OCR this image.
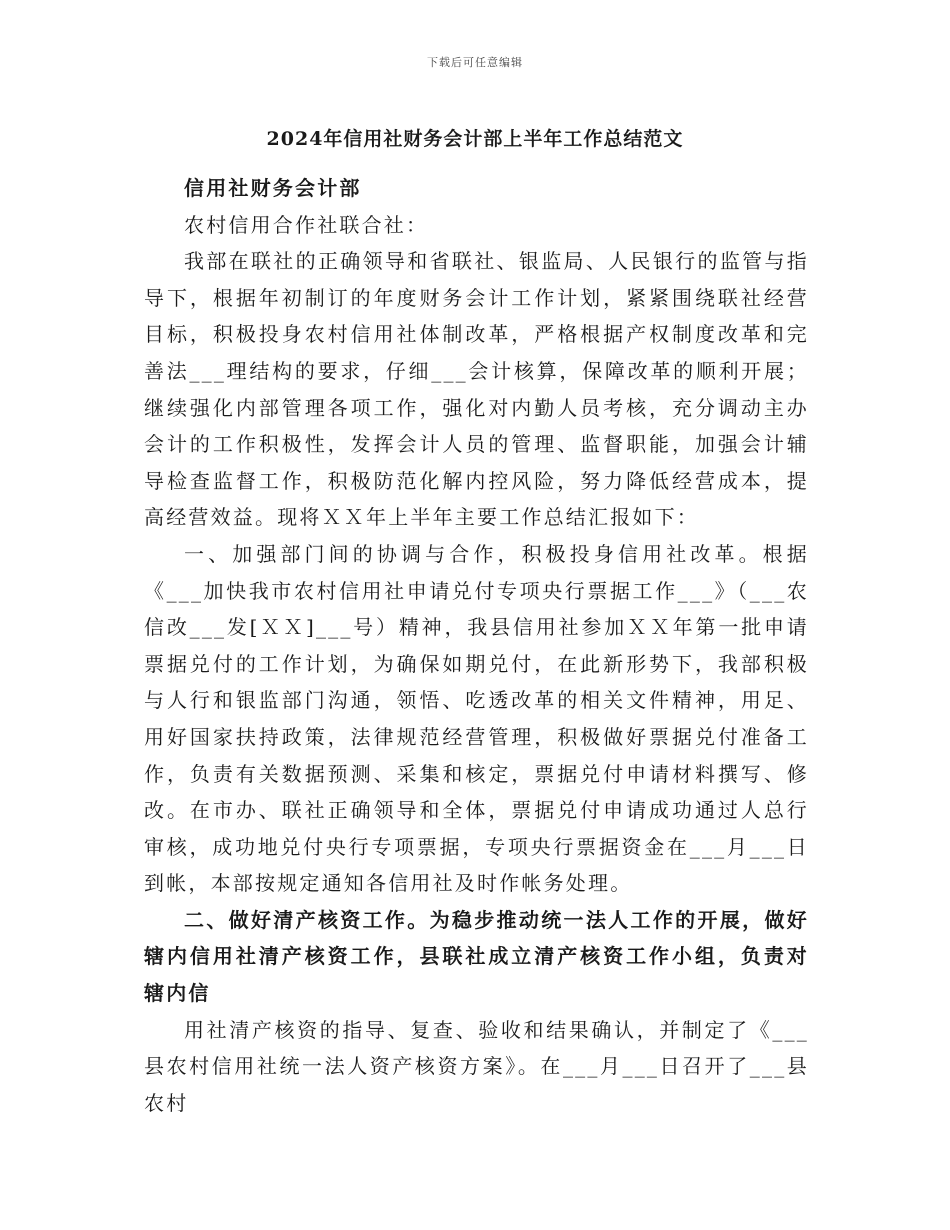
下载后可任意编辑
2024年信用社财务会计部上半年工作总结范文

信用社财务会计部

农村信用合作社联合社：

我部在联社的正确领导和省联社、银监局、人民银行的监管与指导下，根据年初制订的年度财务会计工作计划，紧紧围绕联社经营目标，积极投身农村信用社体制改革，严格根据产权制度改革和完善法___理结构的要求，仔细___会计核算，保障改革的顺利开展；继续强化内部管理各项工作，强化对内勤人员考核，充分调动主办会计的工作积极性，发挥会计人员的管理、监督职能，加强会计辅导检查监督工作，积极防范化解内控风险，努力降低经营成本，提高经营效益。现将ＸＸ年上半年主要工作总结汇报如下：

一、加强部门间的协调与合作，积极投身信用社改革。根据《___加快我市农村信用社申请兑付专项央行票据工作___》（___农信改___发[ＸＸ]___号）精神，我县信用社参加ＸＸ年第一批申请票据兑付的工作计划，为确保如期兑付，在此新形势下，我部积极与人行和银监部门沟通，领悟、吃透改革的相关文件精神，用足、用好国家扶持政策，法律规范经营管理，积极做好票据兑付准备工作，负责有关数据预测、采集和核定，票据兑付申请材料撰写、修改。在市办、联社正确领导和全体，票据兑付申请成功通过人总行审核，成功地兑付央行专项票据，专项央行票据资金在___月___日到帐，本部按规定通知各信用社及时作帐务处理。

二、做好清产核资工作。为稳步推动统一法人工作的开展，做好辖内信用社清产核资工作，县联社成立清产核资工作小组，负责对辖内信

用社清产核资的指导、复查、验收和结果确认，并制定了《___县农村信用社统一法人资产核资方案》。在___月___日召开了___县农村
